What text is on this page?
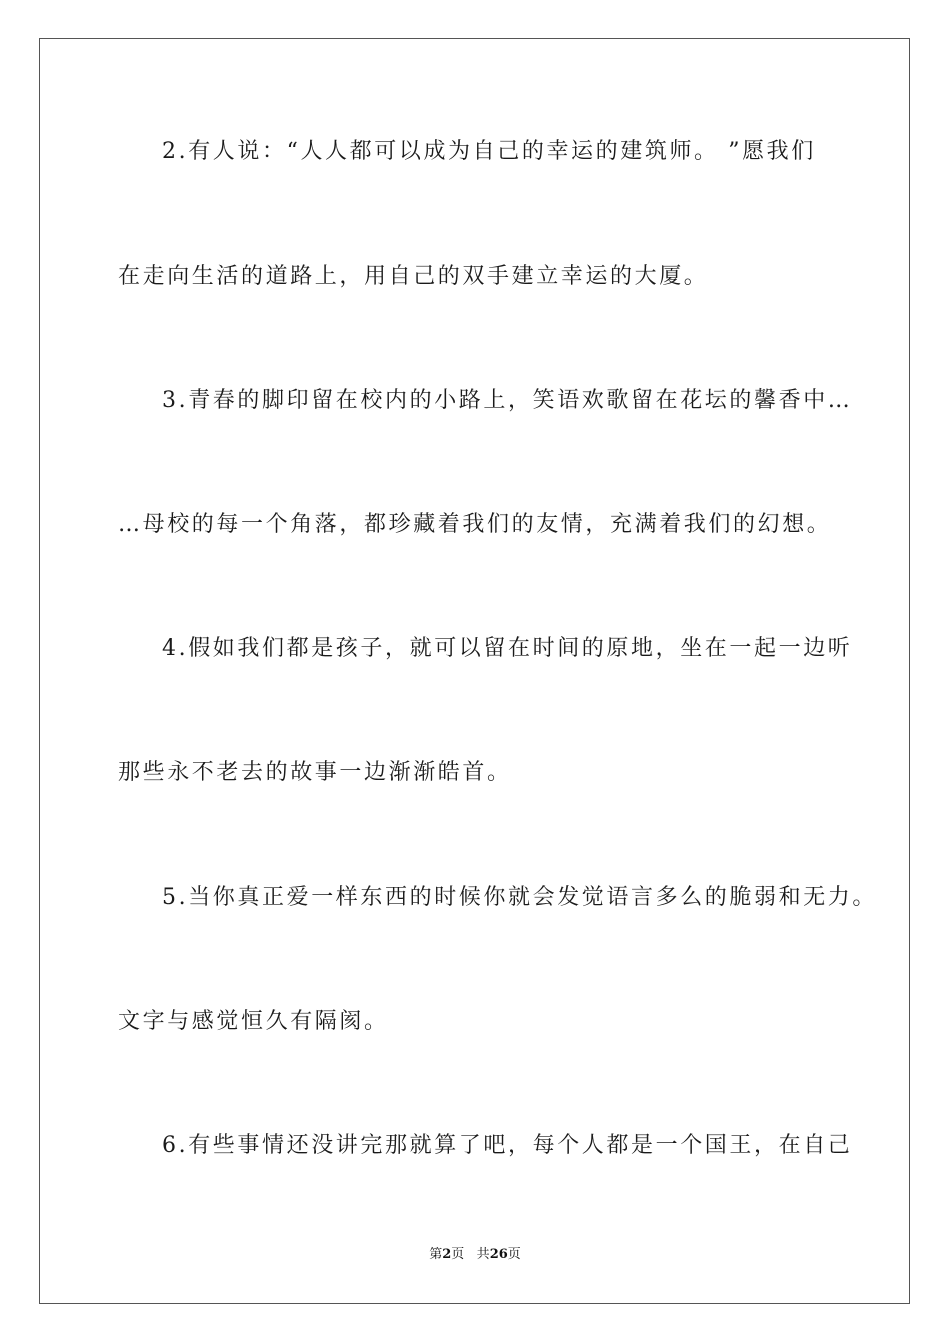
2.有人说：“人人都可以成为自己的幸运的建筑师。 ”愿我们
在走向生活的道路上，用自己的双手建立幸运的大厦。
3.青春的脚印留在校内的小路上，笑语欢歌留在花坛的馨香中…
…母校的每一个角落，都珍藏着我们的友情，充满着我们的幻想。
4.假如我们都是孩子，就可以留在时间的原地，坐在一起一边听
那些永不老去的故事一边渐渐皓首。
5.当你真正爱一样东西的时候你就会发觉语言多么的脆弱和无力。
文字与感觉恒久有隔阂。
6.有些事情还没讲完那就算了吧，每个人都是一个国王，在自己
第2页 共26页
